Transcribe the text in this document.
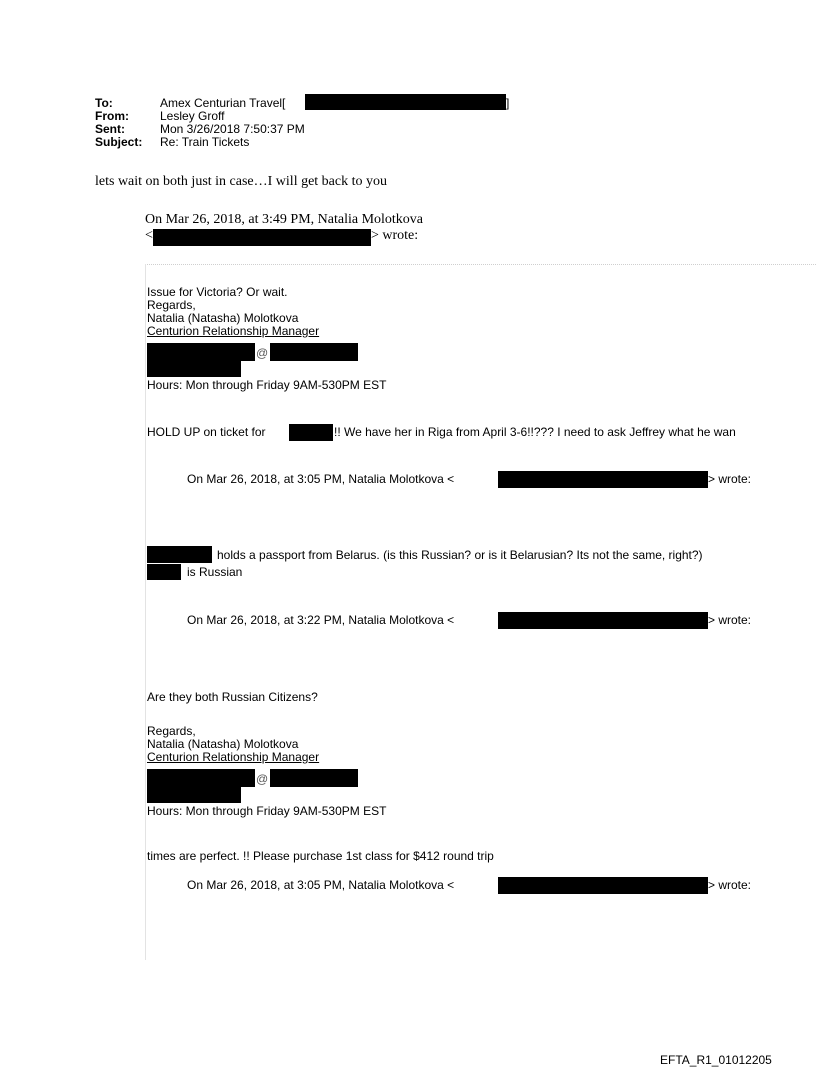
To:	Amex Centurian Travel[	]
From:	Lesley Groff
Sent:	Mon 3/26/2018 7:50:37 PM
Subject: Re: Train Tickets
lets wait on both just in case…I will get back to you
On Mar 26, 2018, at 3:49 PM, Natalia Molotkova
<	> wrote:
Issue for Victoria? Or wait.
Regards,
Natalia (Natasha) Molotkova
Centurion Relationship Manager
@
Hours: Mon through Friday 9AM-530PM EST
HOLD UP on ticket for	!! We have her in Riga from April 3-6!!??? I need to ask Jeffrey what he wan
On Mar 26, 2018, at 3:05 PM, Natalia Molotkova <	> wrote:
holds a passport from Belarus. (is this Russian? or is it Belarusian? Its not the same, right?)
is Russian
On Mar 26, 2018, at 3:22 PM, Natalia Molotkova <	> wrote:
Are they both Russian Citizens?
Regards,
Natalia (Natasha) Molotkova
Centurion Relationship Manager
@
Hours: Mon through Friday 9AM-530PM EST
times are perfect. !! Please purchase 1st class for $412 round trip
On Mar 26, 2018, at 3:05 PM, Natalia Molotkova <	> wrote:
EFTA_R1_01012205
